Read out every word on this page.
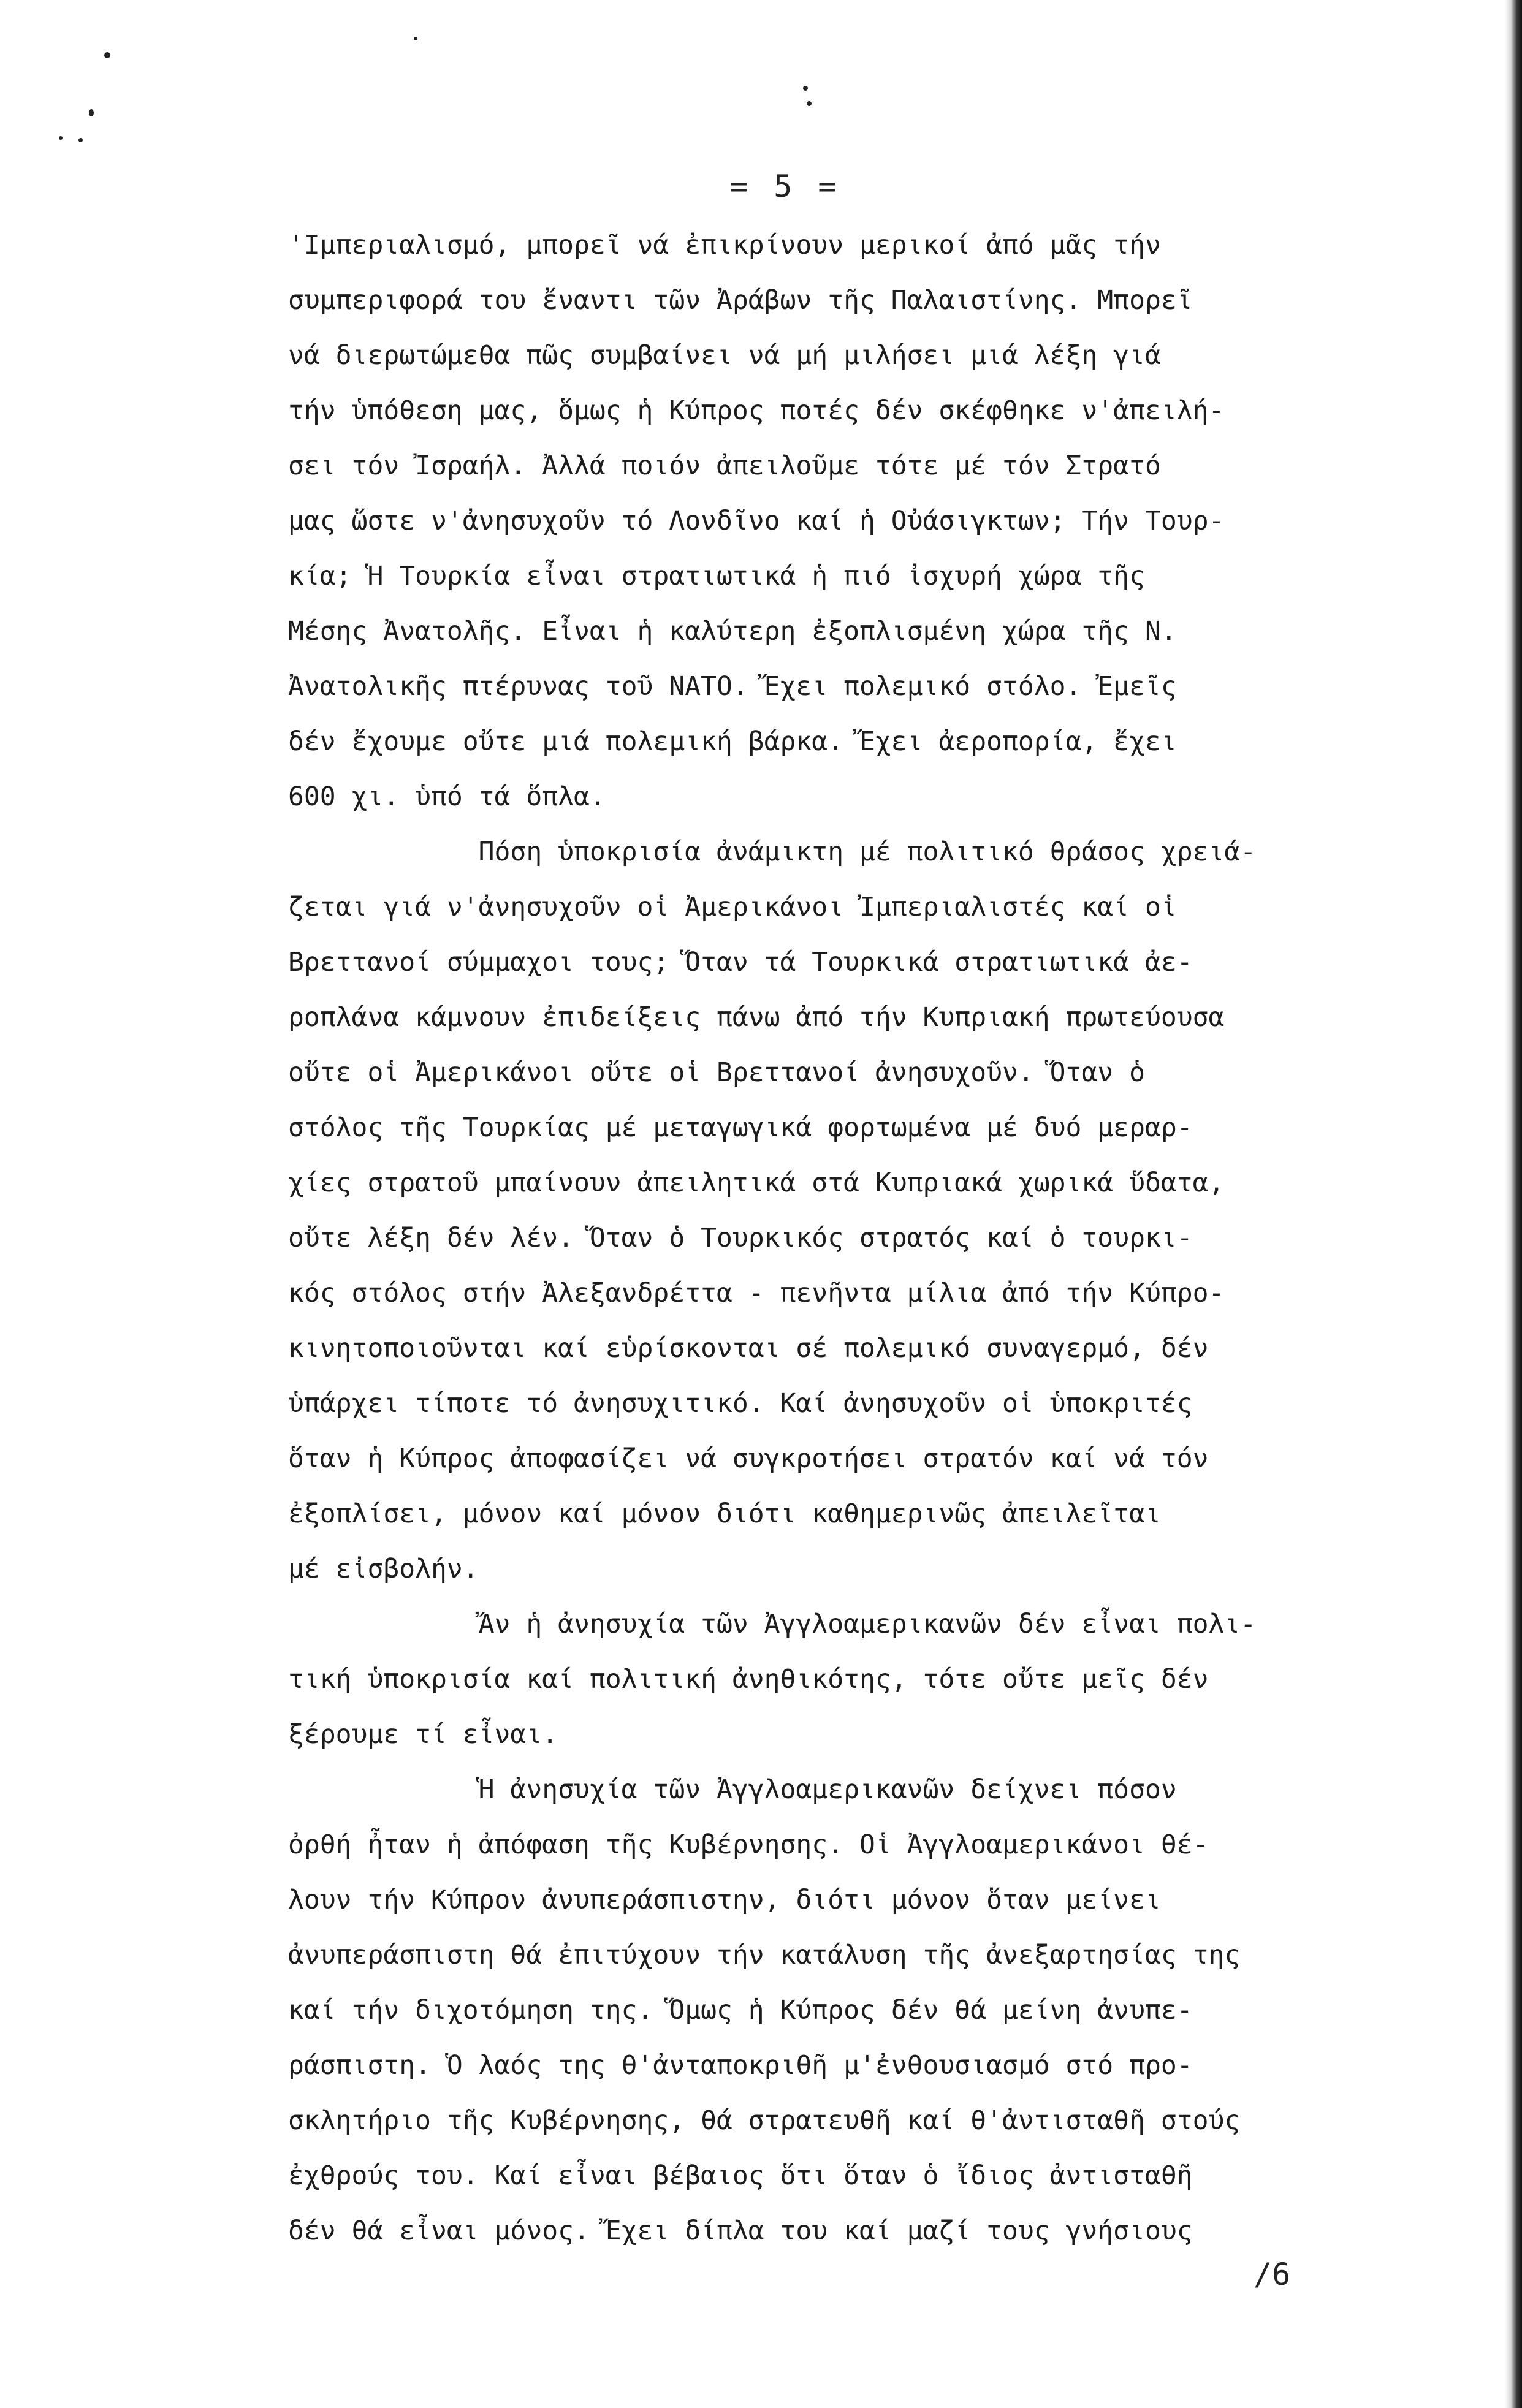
= 5 =
'Ιμπεριαλισμό, μπορεῖ νά ἐπικρίνουν μερικοί ἀπό μᾶς τήν
συμπεριφορά του ἔναντι τῶν Ἀράβων τῆς Παλαιστίνης. Μπορεῖ
νά διερωτώμεθα πῶς συμβαίνει νά μή μιλήσει μιά λέξη γιά
τήν ὑπόθεση μας, ὅμως ἡ Κύπρος ποτές δέν σκέφθηκε ν'ἀπειλή-
σει τόν Ἰσραήλ. Ἀλλά ποιόν ἀπειλοῦμε τότε μέ τόν Στρατό
μας ὥστε ν'ἀνησυχοῦν τό Λονδῖνο καί ἡ Οὐάσιγκτων; Τήν Τουρ-
κία; Ἡ Τουρκία εἶναι στρατιωτικά ἡ πιό ἰσχυρή χώρα τῆς
Μέσης Ἀνατολῆς. Εἶναι ἡ καλύτερη ἐξοπλισμένη χώρα τῆς Ν.
Ἀνατολικῆς πτέρυνας τοῦ ΝΑΤΟ. Ἔχει πολεμικό στόλο. Ἐμεῖς
δέν ἔχουμε οὔτε μιά πολεμική βάρκα. Ἔχει ἀεροπορία, ἔχει
600 χι. ὑπό τά ὅπλα.
Πόση ὑποκρισία ἀνάμικτη μέ πολιτικό θράσος χρειά-
ζεται γιά ν'ἀνησυχοῦν οἱ Ἀμερικάνοι Ἰμπεριαλιστές καί οἱ
Βρεττανοί σύμμαχοι τους; Ὅταν τά Τουρκικά στρατιωτικά ἀε-
ροπλάνα κάμνουν ἐπιδείξεις πάνω ἀπό τήν Κυπριακή πρωτεύουσα
οὔτε οἱ Ἀμερικάνοι οὔτε οἱ Βρεττανοί ἀνησυχοῦν. Ὅταν ὁ
στόλος τῆς Τουρκίας μέ μεταγωγικά φορτωμένα μέ δυό μεραρ-
χίες στρατοῦ μπαίνουν ἀπειλητικά στά Κυπριακά χωρικά ὕδατα,
οὔτε λέξη δέν λέν. Ὅταν ὁ Τουρκικός στρατός καί ὁ τουρκι-
κός στόλος στήν Ἀλεξανδρέττα - πενῆντα μίλια ἀπό τήν Κύπρο-
κινητοποιοῦνται καί εὑρίσκονται σέ πολεμικό συναγερμό, δέν
ὑπάρχει τίποτε τό ἀνησυχιτικό. Καί ἀνησυχοῦν οἱ ὑποκριτές
ὅταν ἡ Κύπρος ἀποφασίζει νά συγκροτήσει στρατόν καί νά τόν
ἐξοπλίσει, μόνον καί μόνον διότι καθημερινῶς ἀπειλεῖται
μέ εἰσβολήν.
Ἄν ἡ ἀνησυχία τῶν Ἀγγλοαμερικανῶν δέν εἶναι πολι-
τική ὑποκρισία καί πολιτική ἀνηθικότης, τότε οὔτε μεῖς δέν
ξέρουμε τί εἶναι.
Ἡ ἀνησυχία τῶν Ἀγγλοαμερικανῶν δείχνει πόσον
ὀρθή ἦταν ἡ ἀπόφαση τῆς Κυβέρνησης. Οἱ Ἀγγλοαμερικάνοι θέ-
λουν τήν Κύπρον ἀνυπεράσπιστην, διότι μόνον ὅταν μείνει
ἀνυπεράσπιστη θά ἐπιτύχουν τήν κατάλυση τῆς ἀνεξαρτησίας της
καί τήν διχοτόμηση της. Ὅμως ἡ Κύπρος δέν θά μείνη ἀνυπε-
ράσπιστη. Ὁ λαός της θ'ἀνταποκριθῆ μ'ἐνθουσιασμό στό προ-
σκλητήριο τῆς Κυβέρνησης, θά στρατευθῆ καί θ'ἀντισταθῆ στούς
ἐχθρούς του. Καί εἶναι βέβαιος ὅτι ὅταν ὁ ἴδιος ἀντισταθῆ
δέν θά εἶναι μόνος. Ἔχει δίπλα του καί μαζί τους γνήσιους
/6
